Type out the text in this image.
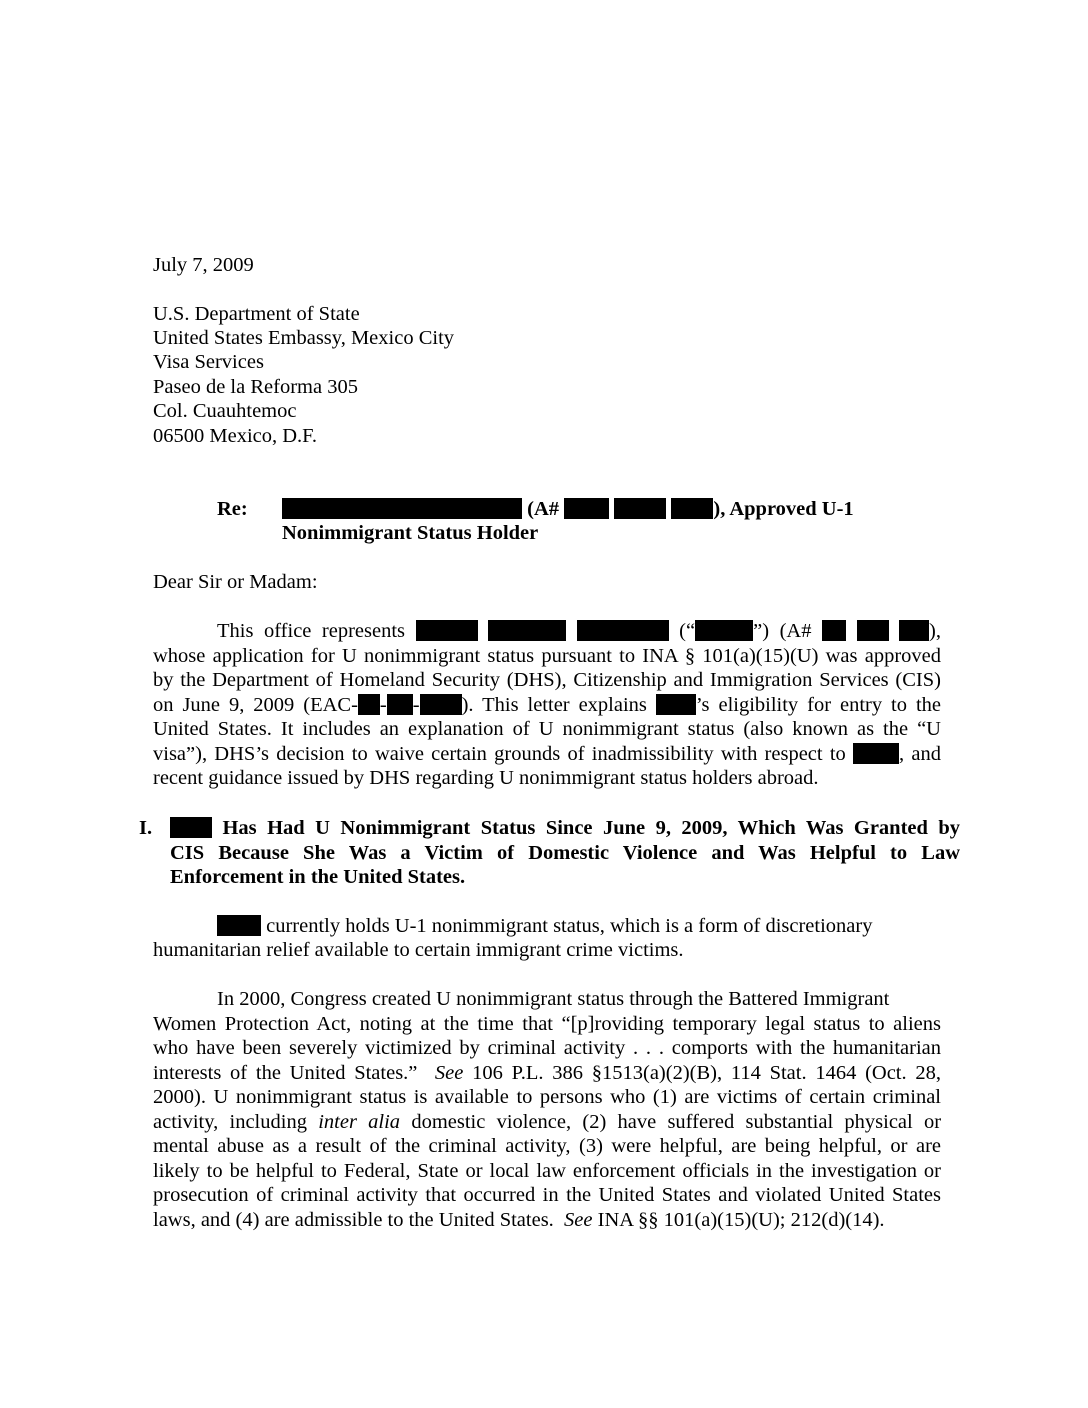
July 7, 2009
U.S. Department of State
United States Embassy, Mexico City
Visa Services
Paseo de la Reforma 305
Col. Cuauhtemoc
06500 Mexico, D.F.
Re:	(A#	), Approved U-1
Nonimmigrant Status Holder
Dear Sir or Madam:
This office represents	(“	”) (A#	),
whose application for U nonimmigrant status pursuant to INA § 101(a)(15)(U) was approved
by the Department of Homeland Security (DHS), Citizenship and Immigration Services (CIS)
on June 9, 2009 (EAC- - - ). This letter explains ’s eligibility for entry to the
United States. It includes an explanation of U nonimmigrant status (also known as the “U
visa”), DHS’s decision to waive certain grounds of inadmissibility with respect to	, and
recent guidance issued by DHS regarding U nonimmigrant status holders abroad.
I.	Has Had U Nonimmigrant Status Since June 9, 2009, Which Was Granted by
CIS Because She Was a Victim of Domestic Violence and Was Helpful to Law
Enforcement in the United States.
currently holds U-1 nonimmigrant status, which is a form of discretionary
humanitarian relief available to certain immigrant crime victims.
In 2000, Congress created U nonimmigrant status through the Battered Immigrant
Women Protection Act, noting at the time that “[p]roviding temporary legal status to aliens
who have been severely victimized by criminal activity . . . comports with the humanitarian
interests of the United States.” See 106 P.L. 386 §1513(a)(2)(B), 114 Stat. 1464 (Oct. 28,
2000). U nonimmigrant status is available to persons who (1) are victims of certain criminal
activity, including inter alia domestic violence, (2) have suffered substantial physical or
mental abuse as a result of the criminal activity, (3) were helpful, are being helpful, or are
likely to be helpful to Federal, State or local law enforcement officials in the investigation or
prosecution of criminal activity that occurred in the United States and violated United States
laws, and (4) are admissible to the United States. See INA §§ 101(a)(15)(U); 212(d)(14).
